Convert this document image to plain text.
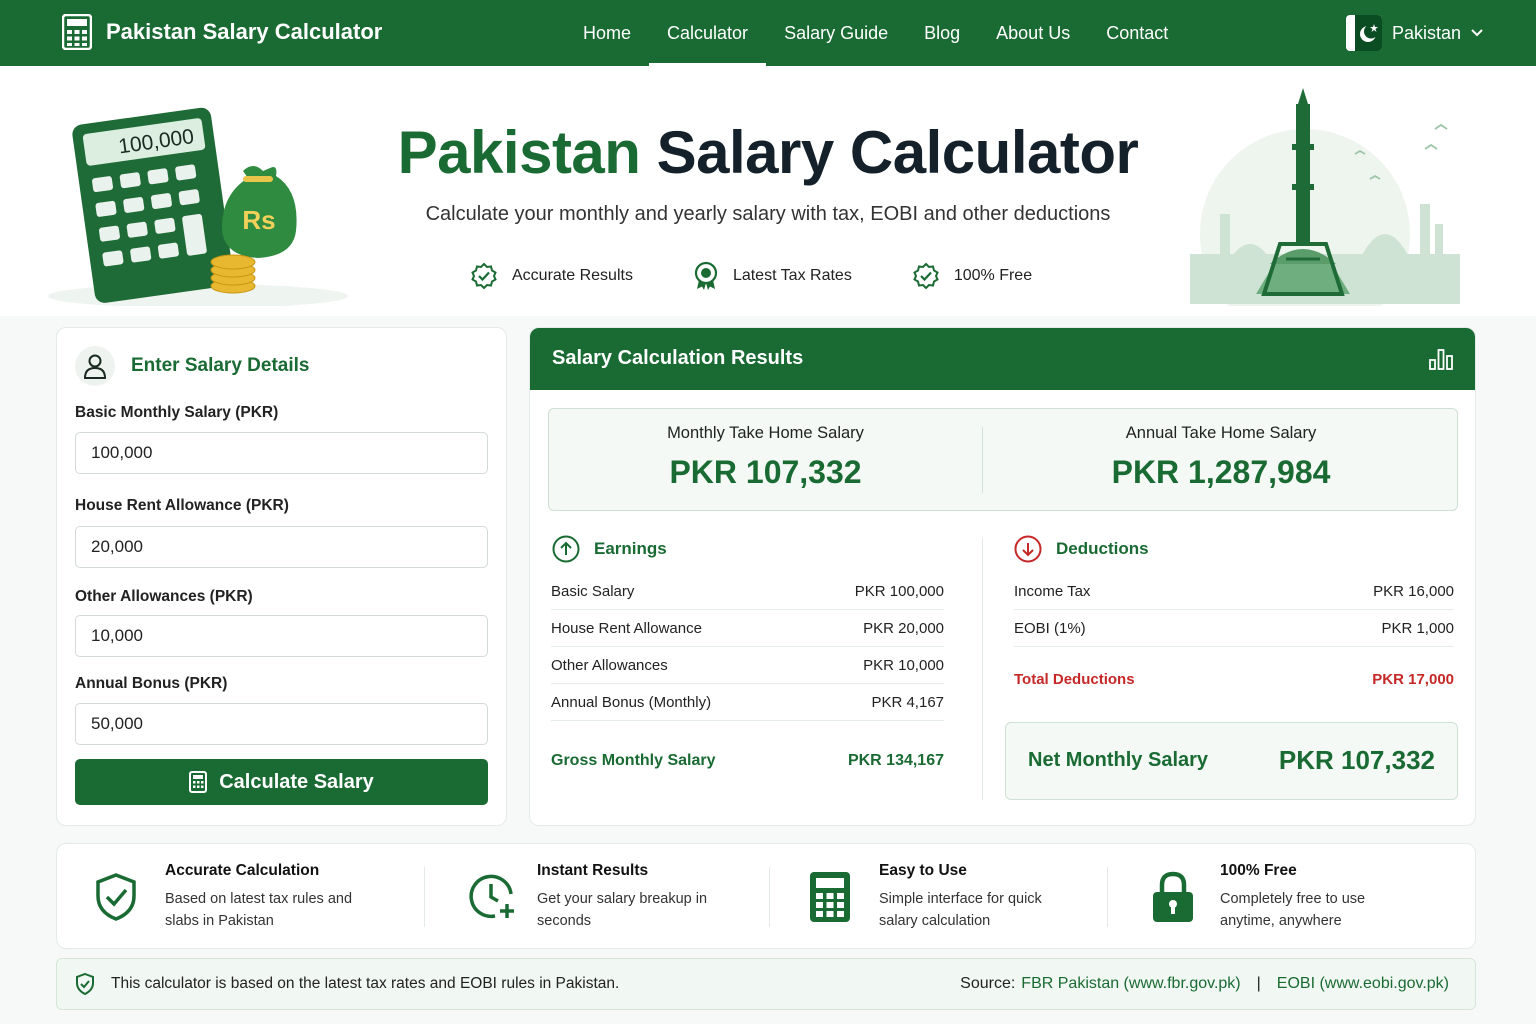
Pakistan Salary Calculator	Home	Calculator	Salary Guide	Blog	About Us	Contact	Pakistan
100,000
Rs
Pakistan Salary Calculator
Calculate your monthly and yearly salary with tax, EOBI and other deductions
Accurate Results	Latest Tax Rates	100% Free
Enter Salary Details
Basic Monthly Salary (PKR)
100,000
House Rent Allowance (PKR)
20,000
Other Allowances (PKR)
10,000
Annual Bonus (PKR)
50,000
Calculate Salary
Salary Calculation Results
Monthly Take Home Salary
PKR 107,332
Annual Take Home Salary
PKR 1,287,984
Earnings
Basic Salary	PKR 100,000
House Rent Allowance	PKR 20,000
Other Allowances	PKR 10,000
Annual Bonus (Monthly)	PKR 4,167
Gross Monthly Salary	PKR 134,167
Deductions
Income Tax	PKR 16,000
EOBI (1%)	PKR 1,000
Total Deductions	PKR 17,000
Net Monthly Salary	PKR 107,332
Accurate Calculation
Based on latest tax rules and slabs in Pakistan
Instant Results
Get your salary breakup in seconds
Easy to Use
Simple interface for quick salary calculation
100% Free
Completely free to use anytime, anywhere
This calculator is based on the latest tax rates and EOBI rules in Pakistan.	Source: FBR Pakistan (www.fbr.gov.pk) | EOBI (www.eobi.gov.pk)
